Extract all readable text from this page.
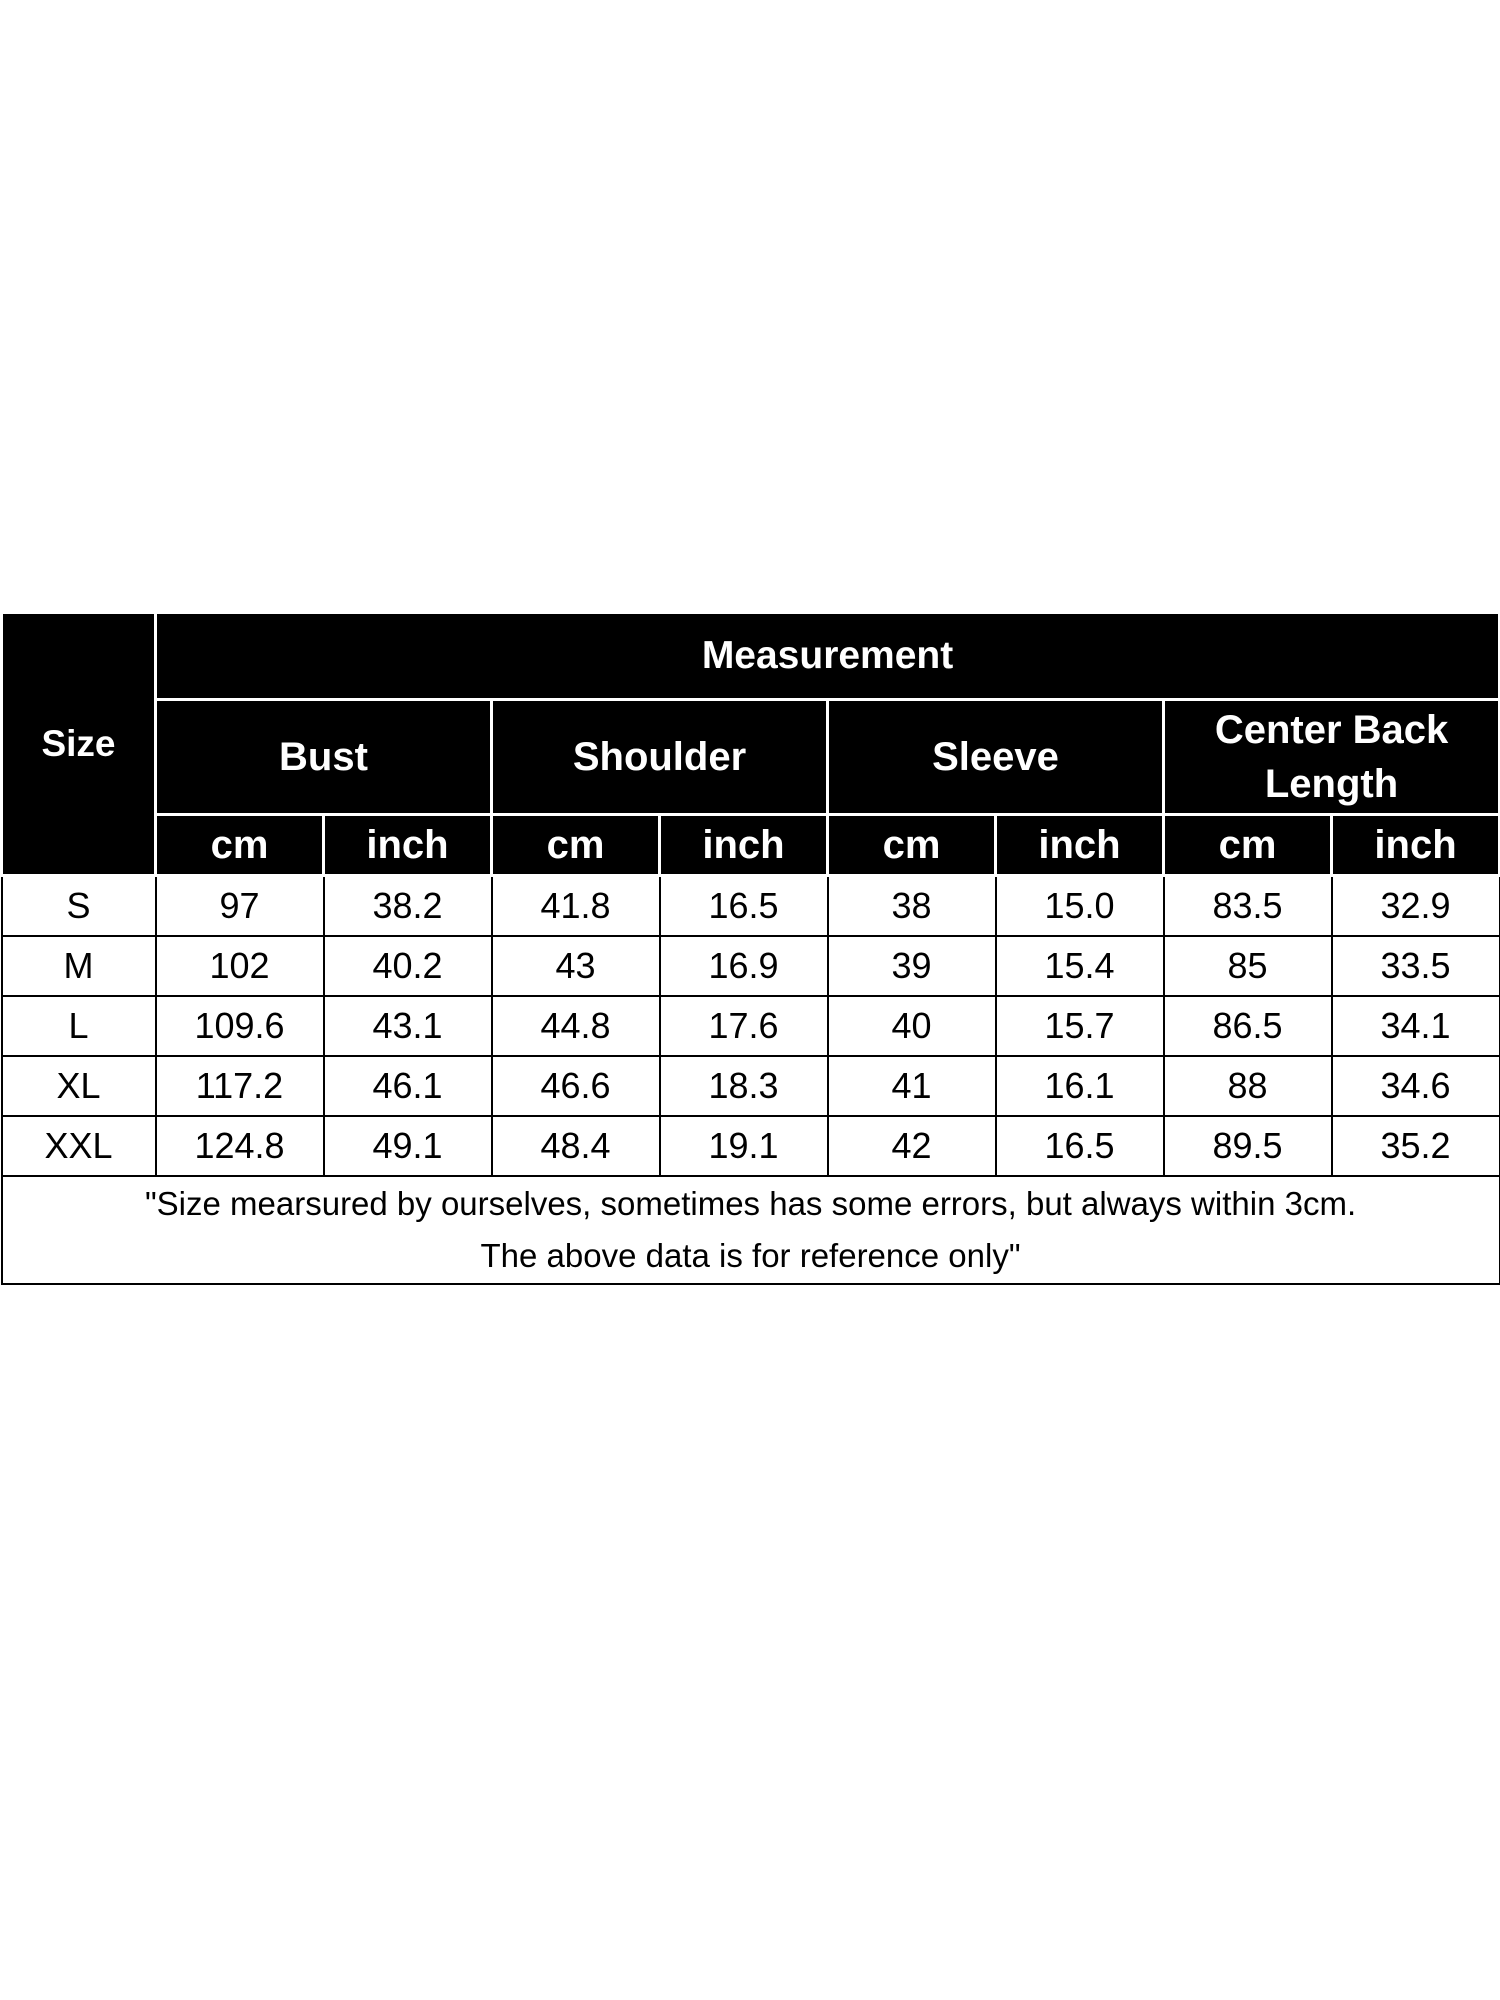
Size	Measurement							
	Bust		Shoulder		Sleeve		Center Back
Length	

	cm	inch	cm	inch	cm	inch	cm	inch
S	97	38.2	41.8	16.5	38	15.0	83.5	32.9
M	102	40.2	43	16.9	39	15.4	85	33.5
L	109.6	43.1	44.8	17.6	40	15.7	86.5	34.1
XL	117.2	46.1	46.6	18.3	41	16.1	88	34.6
XXL	124.8	49.1	48.4	19.1	42	16.5	89.5	35.2

"Size mearsured by ourselves, sometimes has some errors, but always within 3cm.
The above data is for reference only"								
